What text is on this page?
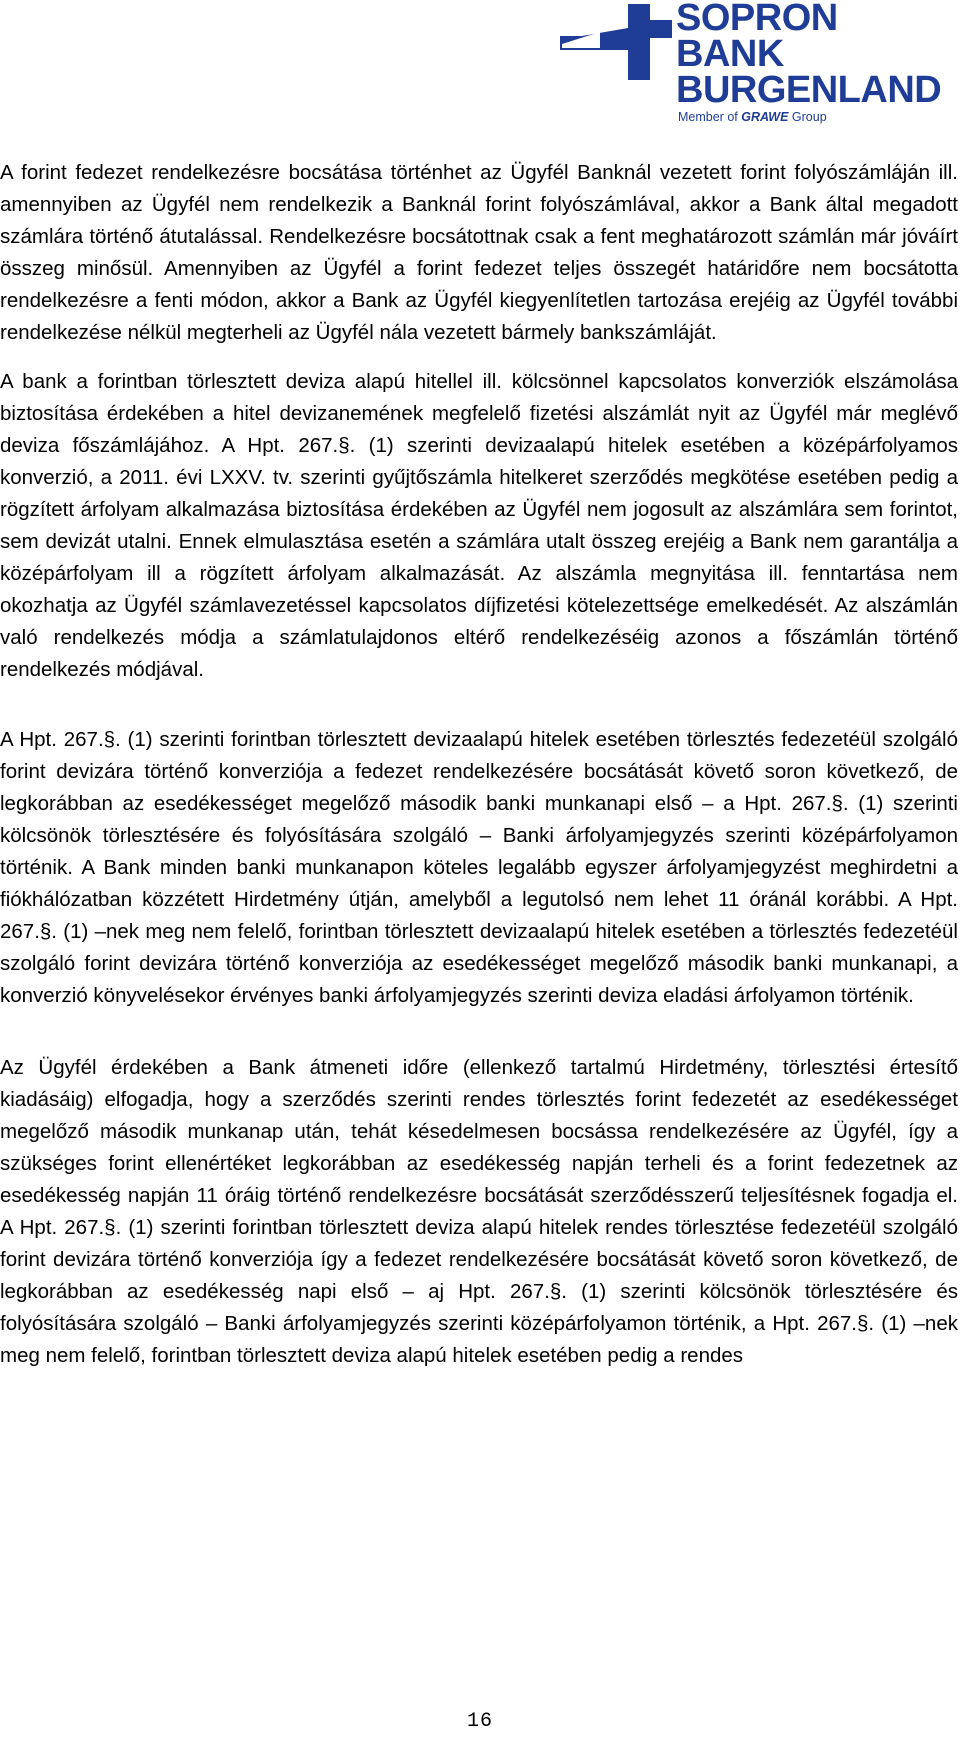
SOPRON
BANK
BURGENLAND
Member of GRAWE Group

A forint fedezet rendelkezésre bocsátása történhet az Ügyfél Banknál vezetett forint folyószámláján ill. amennyiben az Ügyfél nem rendelkezik a Banknál forint folyószámlával, akkor a Bank által megadott számlára történő átutalással. Rendelkezésre bocsátottnak csak a fent meghatározott számlán már jóváírt összeg minősül. Amennyiben az Ügyfél a forint fedezet teljes összegét határidőre nem bocsátotta rendelkezésre a fenti módon, akkor a Bank az Ügyfél kiegyenlítetlen tartozása erejéig az Ügyfél további rendelkezése nélkül megterheli az Ügyfél nála vezetett bármely bankszámláját.

A bank a forintban törlesztett deviza alapú hitellel ill. kölcsönnel kapcsolatos konverziók elszámolása biztosítása érdekében a hitel devizanemének megfelelő fizetési alszámlát nyit az Ügyfél már meglévő deviza főszámlájához. A Hpt. 267.§. (1) szerinti devizaalapú hitelek esetében a középárfolyamos konverzió, a 2011. évi LXXV. tv. szerinti gyűjtőszámla hitelkeret szerződés megkötése esetében pedig a rögzített árfolyam alkalmazása biztosítása érdekében az Ügyfél nem jogosult az alszámlára sem forintot, sem devizát utalni. Ennek elmulasztása esetén a számlára utalt összeg erejéig a Bank nem garantálja a középárfolyam ill a rögzített árfolyam alkalmazását. Az alszámla megnyitása ill. fenntartása nem okozhatja az Ügyfél számlavezetéssel kapcsolatos díjfizetési kötelezettsége emelkedését. Az alszámlán való rendelkezés módja a számlatulajdonos eltérő rendelkezéséig azonos a főszámlán történő rendelkezés módjával.

A Hpt. 267.§. (1) szerinti forintban törlesztett devizaalapú hitelek esetében törlesztés fedezetéül szolgáló forint devizára történő konverziója a fedezet rendelkezésére bocsátását követő soron következő, de legkorábban az esedékességet megelőző második banki munkanapi első – a Hpt. 267.§. (1) szerinti kölcsönök törlesztésére és folyósítására szolgáló – Banki árfolyamjegyzés szerinti középárfolyamon történik. A Bank minden banki munkanapon köteles legalább egyszer árfolyamjegyzést meghirdetni a fiókhálózatban közzétett Hirdetmény útján, amelyből a legutolsó nem lehet 11 óránál korábbi. A Hpt. 267.§. (1) –nek meg nem felelő, forintban törlesztett devizaalapú hitelek esetében a törlesztés fedezetéül szolgáló forint devizára történő konverziója az esedékességet megelőző második banki munkanapi, a konverzió könyvelésekor érvényes banki árfolyamjegyzés szerinti deviza eladási árfolyamon történik.

Az Ügyfél érdekében a Bank átmeneti időre (ellenkező tartalmú Hirdetmény, törlesztési értesítő kiadásáig) elfogadja, hogy a szerződés szerinti rendes törlesztés forint fedezetét az esedékességet megelőző második munkanap után, tehát késedelmesen bocsássa rendelkezésére az Ügyfél, így a szükséges forint ellenértéket legkorábban az esedékesség napján terheli és a forint fedezetnek az esedékesség napján 11 óráig történő rendelkezésre bocsátását szerződésszerű teljesítésnek fogadja el. A Hpt. 267.§. (1) szerinti forintban törlesztett deviza alapú hitelek rendes törlesztése fedezetéül szolgáló forint devizára történő konverziója így a fedezet rendelkezésére bocsátását követő soron következő, de legkorábban az esedékesség napi első – aj Hpt. 267.§. (1) szerinti kölcsönök törlesztésére és folyósítására szolgáló – Banki árfolyamjegyzés szerinti középárfolyamon történik, a Hpt. 267.§. (1) –nek meg nem felelő, forintban törlesztett deviza alapú hitelek esetében pedig a rendes

16
